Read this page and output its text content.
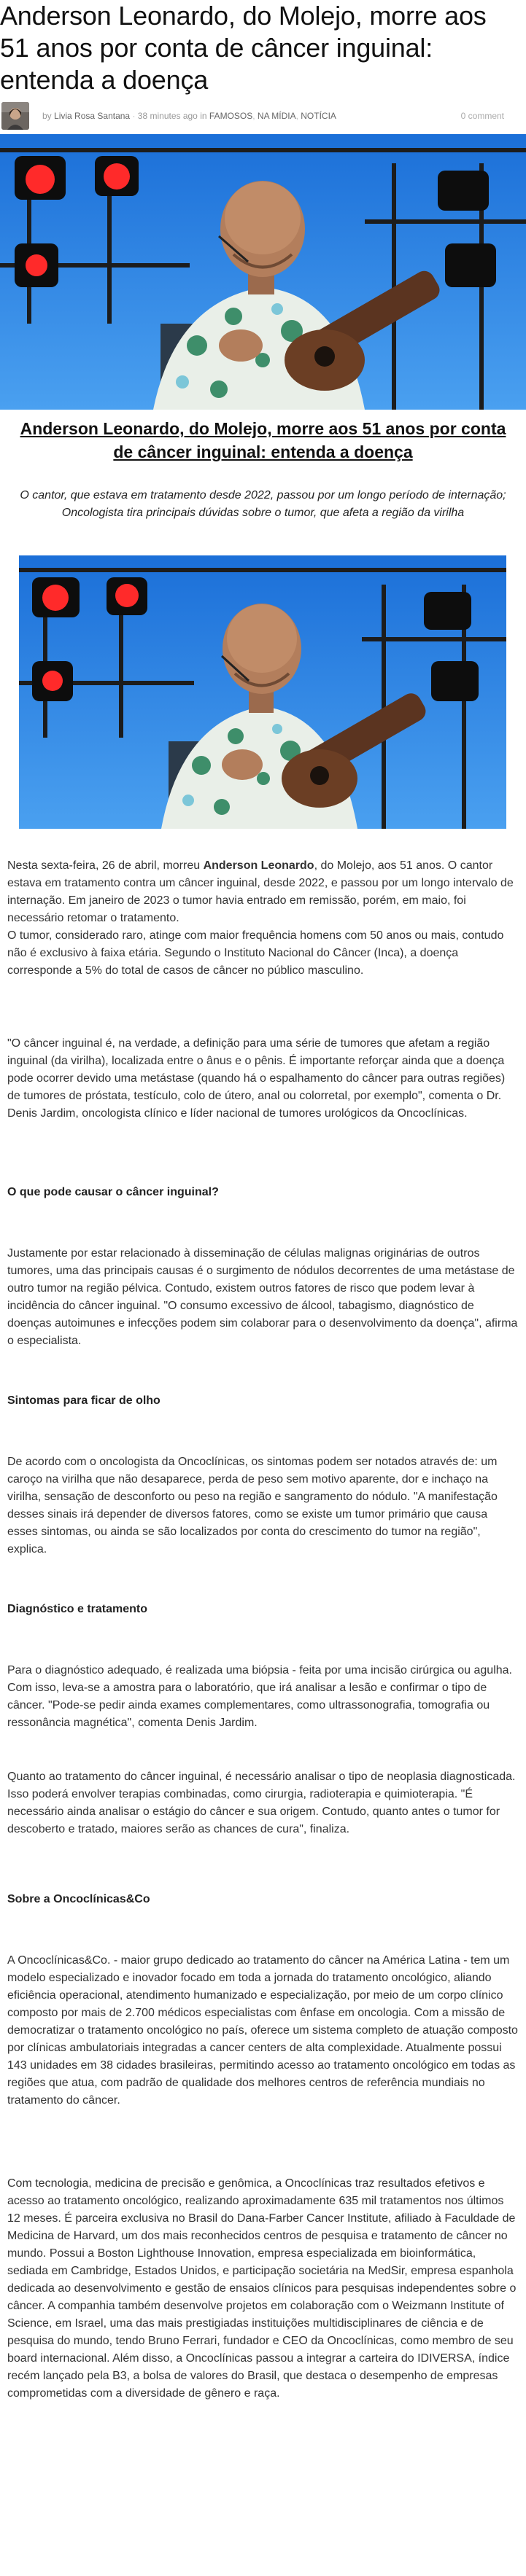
Anderson Leonardo, do Molejo, morre aos 51 anos por conta de câncer inguinal: entenda a doença
by Livia Rosa Santana · 38 minutes ago in FAMOSOS, NA MÍDIA, NOTÍCIA	0 comment
Anderson Leonardo, do Molejo, morre aos 51 anos por conta de câncer inguinal: entenda a doença

O cantor, que estava em tratamento desde 2022, passou por um longo período de internação; Oncologista tira principais dúvidas sobre o tumor, que afeta a região da virilha

Nesta sexta-feira, 26 de abril, morreu Anderson Leonardo, do Molejo, aos 51 anos. O cantor estava em tratamento contra um câncer inguinal, desde 2022, e passou por um longo intervalo de internação. Em janeiro de 2023 o tumor havia entrado em remissão, porém, em maio, foi necessário retomar o tratamento.

O tumor, considerado raro, atinge com maior frequência homens com 50 anos ou mais, contudo não é exclusivo à faixa etária. Segundo o Instituto Nacional do Câncer (Inca), a doença corresponde a 5% do total de casos de câncer no público masculino.

"O câncer inguinal é, na verdade, a definição para uma série de tumores que afetam a região inguinal (da virilha), localizada entre o ânus e o pênis. É importante reforçar ainda que a doença pode ocorrer devido uma metástase (quando há o espalhamento do câncer para outras regiões) de tumores de próstata, testículo, colo de útero, anal ou colorretal, por exemplo", comenta o Dr. Denis Jardim, oncologista clínico e líder nacional de tumores urológicos da Oncoclínicas.

O que pode causar o câncer inguinal?

Justamente por estar relacionado à disseminação de células malignas originárias de outros tumores, uma das principais causas é o surgimento de nódulos decorrentes de uma metástase de outro tumor na região pélvica. Contudo, existem outros fatores de risco que podem levar à incidência do câncer inguinal. "O consumo excessivo de álcool, tabagismo, diagnóstico de doenças autoimunes e infecções podem sim colaborar para o desenvolvimento da doença", afirma o especialista.

Sintomas para ficar de olho

De acordo com o oncologista da Oncoclínicas, os sintomas podem ser notados através de: um caroço na virilha que não desaparece, perda de peso sem motivo aparente, dor e inchaço na virilha, sensação de desconforto ou peso na região e sangramento do nódulo. "A manifestação desses sinais irá depender de diversos fatores, como se existe um tumor primário que causa esses sintomas, ou ainda se são localizados por conta do crescimento do tumor na região", explica.

Diagnóstico e tratamento

Para o diagnóstico adequado, é realizada uma biópsia - feita por uma incisão cirúrgica ou agulha. Com isso, leva-se a amostra para o laboratório, que irá analisar a lesão e confirmar o tipo de câncer. "Pode-se pedir ainda exames complementares, como ultrassonografia, tomografia ou ressonância magnética", comenta Denis Jardim.

Quanto ao tratamento do câncer inguinal, é necessário analisar o tipo de neoplasia diagnosticada. Isso poderá envolver terapias combinadas, como cirurgia, radioterapia e quimioterapia. "É necessário ainda analisar o estágio do câncer e sua origem. Contudo, quanto antes o tumor for descoberto e tratado, maiores serão as chances de cura", finaliza.

Sobre a Oncoclínicas&Co

A Oncoclínicas&Co. - maior grupo dedicado ao tratamento do câncer na América Latina - tem um modelo especializado e inovador focado em toda a jornada do tratamento oncológico, aliando eficiência operacional, atendimento humanizado e especialização, por meio de um corpo clínico composto por mais de 2.700 médicos especialistas com ênfase em oncologia. Com a missão de democratizar o tratamento oncológico no país, oferece um sistema completo de atuação composto por clínicas ambulatoriais integradas a cancer centers de alta complexidade. Atualmente possui 143 unidades em 38 cidades brasileiras, permitindo acesso ao tratamento oncológico em todas as regiões que atua, com padrão de qualidade dos melhores centros de referência mundiais no tratamento do câncer.

Com tecnologia, medicina de precisão e genômica, a Oncoclínicas traz resultados efetivos e acesso ao tratamento oncológico, realizando aproximadamente 635 mil tratamentos nos últimos 12 meses. É parceira exclusiva no Brasil do Dana-Farber Cancer Institute, afiliado à Faculdade de Medicina de Harvard, um dos mais reconhecidos centros de pesquisa e tratamento de câncer no mundo. Possui a Boston Lighthouse Innovation, empresa especializada em bioinformática, sediada em Cambridge, Estados Unidos, e participação societária na MedSir, empresa espanhola dedicada ao desenvolvimento e gestão de ensaios clínicos para pesquisas independentes sobre o câncer. A companhia também desenvolve projetos em colaboração com o Weizmann Institute of Science, em Israel, uma das mais prestigiadas instituições multidisciplinares de ciência e de pesquisa do mundo, tendo Bruno Ferrari, fundador e CEO da Oncoclínicas, como membro de seu board internacional. Além disso, a Oncoclínicas passou a integrar a carteira do IDIVERSA, índice recém lançado pela B3, a bolsa de valores do Brasil, que destaca o desempenho de empresas comprometidas com a diversidade de gênero e raça.
